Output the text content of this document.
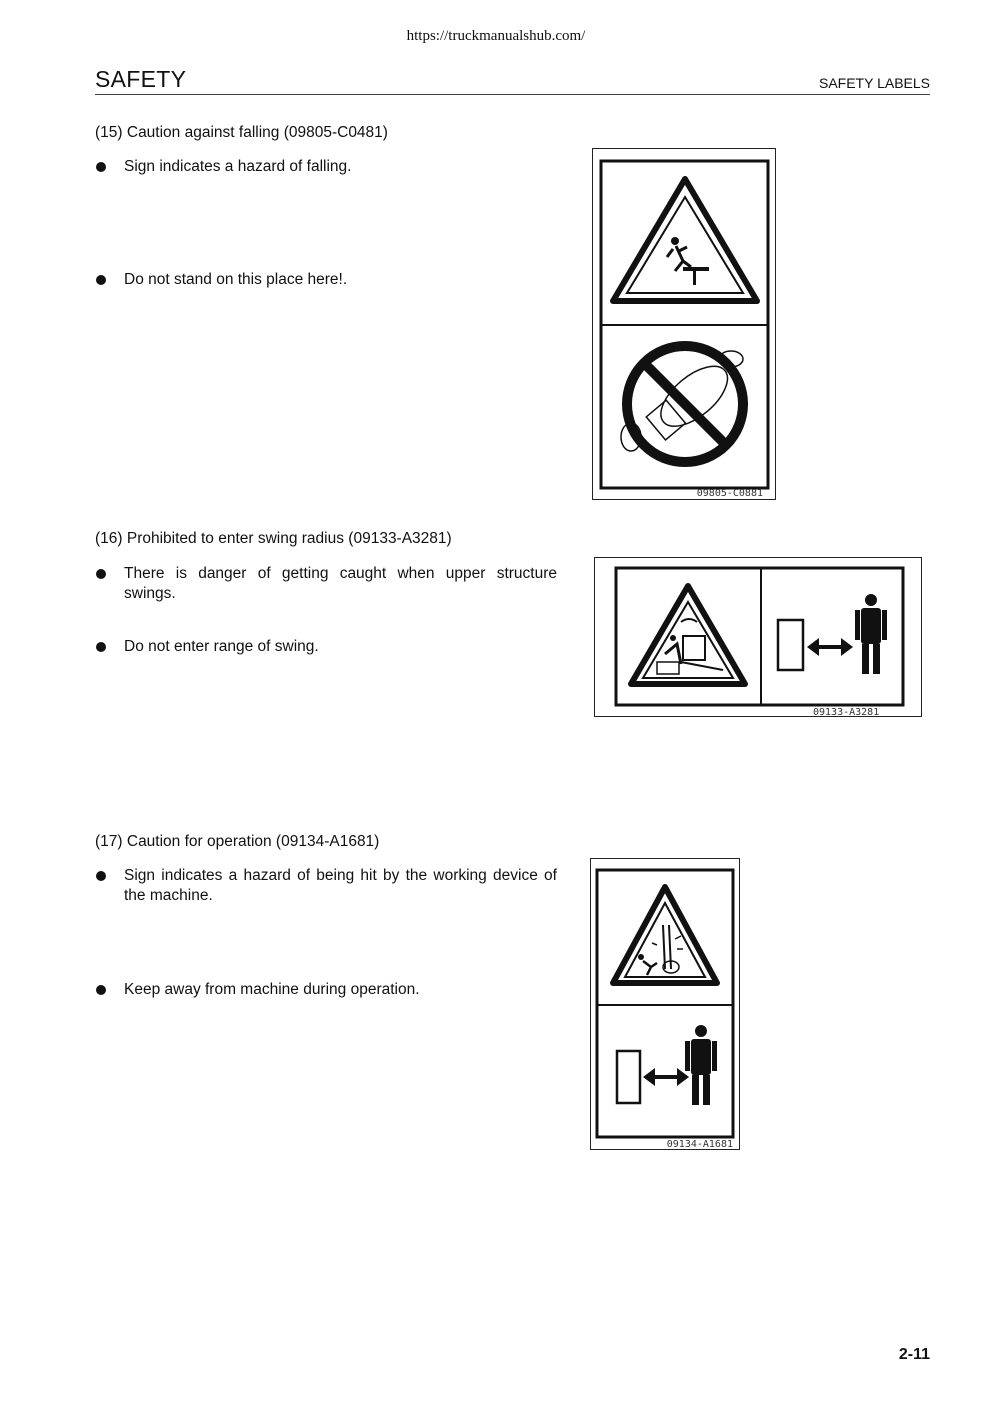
https://truckmanualshub.com/
SAFETY	SAFETY LABELS
(15) Caution against falling (09805-C0481)
Sign indicates a hazard of falling.
Do not stand on this place here!.
09805-C0881
(16) Prohibited to enter swing radius (09133-A3281)
There is danger of getting caught when upper structure swings.
Do not enter range of swing.
09133-A3281
(17) Caution for operation (09134-A1681)
Sign indicates a hazard of being hit by the working device of the machine.
Keep away from machine during operation.
09134-A1681
2-11
